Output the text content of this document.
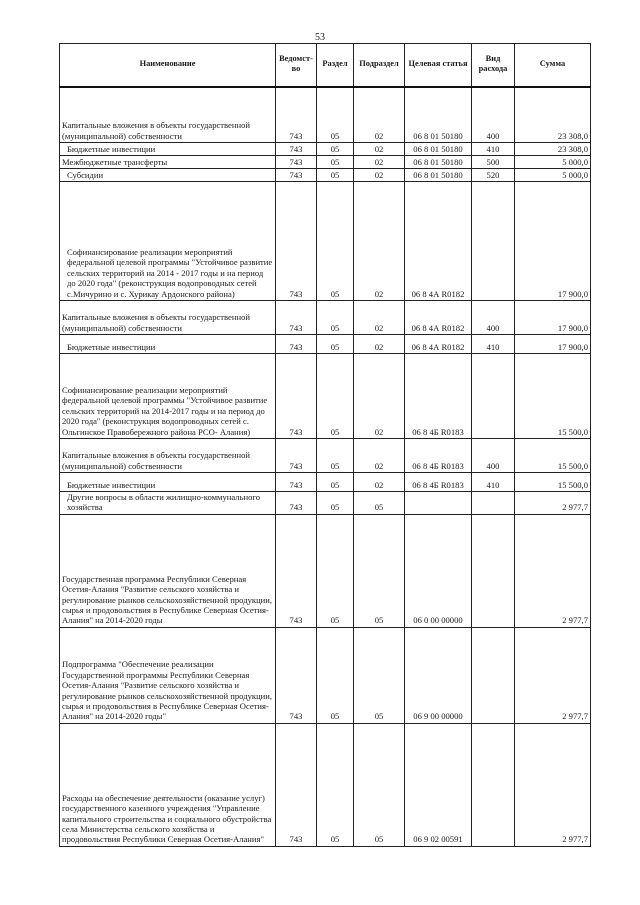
53
Наименование	Ведомст-во	Раздел	Подраздел	Целевая статья	Вид расхода	Сумма

Капитальные вложения в объекты государственной (муниципальной) собственности	743	05	02	06 8 01 50180	400	23 308,0

Бюджетные инвестиции	743	05	02	06 8 01 50180	410	23 308,0

Межбюджетные трансферты	743	05	02	06 8 01 50180	500	5 000,0

Субсидии	743	05	02	06 8 01 50180	520	5 000,0

Софинансирование реализации мероприятий федеральной целевой программы "Устойчивое развитие сельских территорий на 2014 - 2017 годы и на период до 2020 года" (реконструкция водопроводных сетей с.Мичурино и с. Хурикау Ардонского района)	743	05	02	06 8 4А R0182		17 900,0

Капитальные вложения в объекты государственной (муниципальной) собственности	743	05	02	06 8 4А R0182	400	17 900,0

Бюджетные инвестиции	743	05	02	06 8 4А R0182	410	17 900,0

Софинансирование реализации мероприятий федеральной целевой программы "Устойчивое развитие сельских территорий на 2014-2017 годы и на период до 2020 года" (реконструкция водопроводных сетей с. Ольгинское Правобережного района РСО- Алания)	743	05	02	06 8 4Б R0183		15 500,0

Капитальные вложения в объекты государственной (муниципальной) собственности	743	05	02	06 8 4Б R0183	400	15 500,0

Бюджетные инвестиции	743	05	02	06 8 4Б R0183	410	15 500,0

Другие вопросы в области жилищно-коммунального хозяйства	743	05	05			2 977,7

Государственная программа Республики Северная Осетия-Алания "Развитие сельского хозяйства и регулирование рынков сельскохозяйственной продукции, сырья и продовольствия в Республике Северная Осетия-Алания" на 2014-2020 годы	743	05	05	06 0 00 00000		2 977,7

Подпрограмма "Обеспечение реализации Государственной программы Республики Северная Осетия-Алания "Развитие сельского хозяйства и регулирование рынков сельскохозяйственной продукции, сырья и продовольствия в Республике Северная Осетия-Алания" на 2014-2020 годы"	743	05	05	06 9 00 00000		2 977,7

Расходы на обеспечение деятельности (оказание услуг) государственного казенного учреждения "Управление капитального строительства и социального обустройства села Министерства сельского хозяйства и продовольствия Республики Северная Осетия-Алания"	743	05	05	06 9 02 00591		2 977,7
